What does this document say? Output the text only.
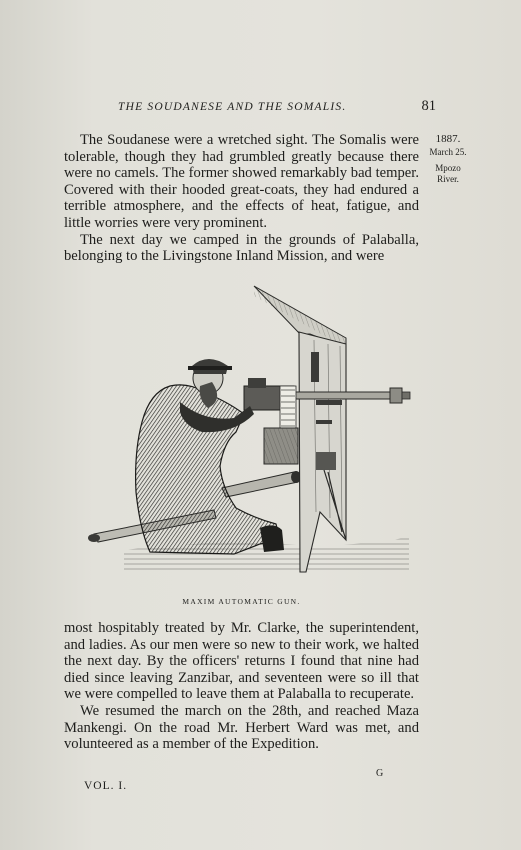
THE SOUDANESE AND THE SOMALIS.	81
1887.
March 25.
Mpozo
River.

The Soudanese were a wretched sight. The Somalis were tolerable, though they had grumbled greatly because there were no camels. The former showed remarkably bad temper. Covered with their hooded great-coats, they had endured a terrible atmosphere, and the effects of heat, fatigue, and little worries were very prominent.

The next day we camped in the grounds of Palaballa, belonging to the Livingstone Inland Mission, and were

MAXIM AUTOMATIC GUN.

most hospitably treated by Mr. Clarke, the superintendent, and ladies. As our men were so new to their work, we halted the next day. By the officers' returns I found that nine had died since leaving Zanzibar, and seventeen were so ill that we were compelled to leave them at Palaballa to recuperate.

We resumed the march on the 28th, and reached Maza Mankengi. On the road Mr. Herbert Ward was met, and volunteered as a member of the Expedition.

VOL. I.
G
